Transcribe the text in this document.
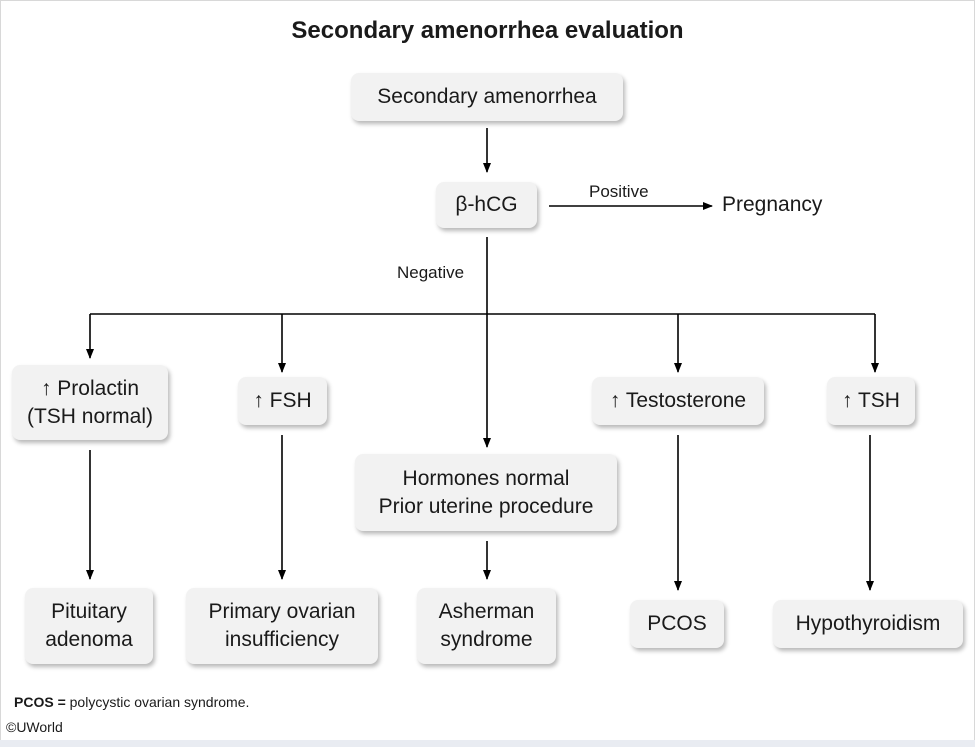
Secondary amenorrhea evaluation
Secondary amenorrhea
β-hCG
Positive
Pregnancy
Negative
↑ Prolactin
(TSH normal)
↑ FSH
Hormones normal
Prior uterine procedure
↑ Testosterone	↑ TSH
Pituitary
adenoma
Primary ovarian
insufficiency
Asherman
syndrome
PCOS	Hypothyroidism
PCOS = polycystic ovarian syndrome.
©UWorld
